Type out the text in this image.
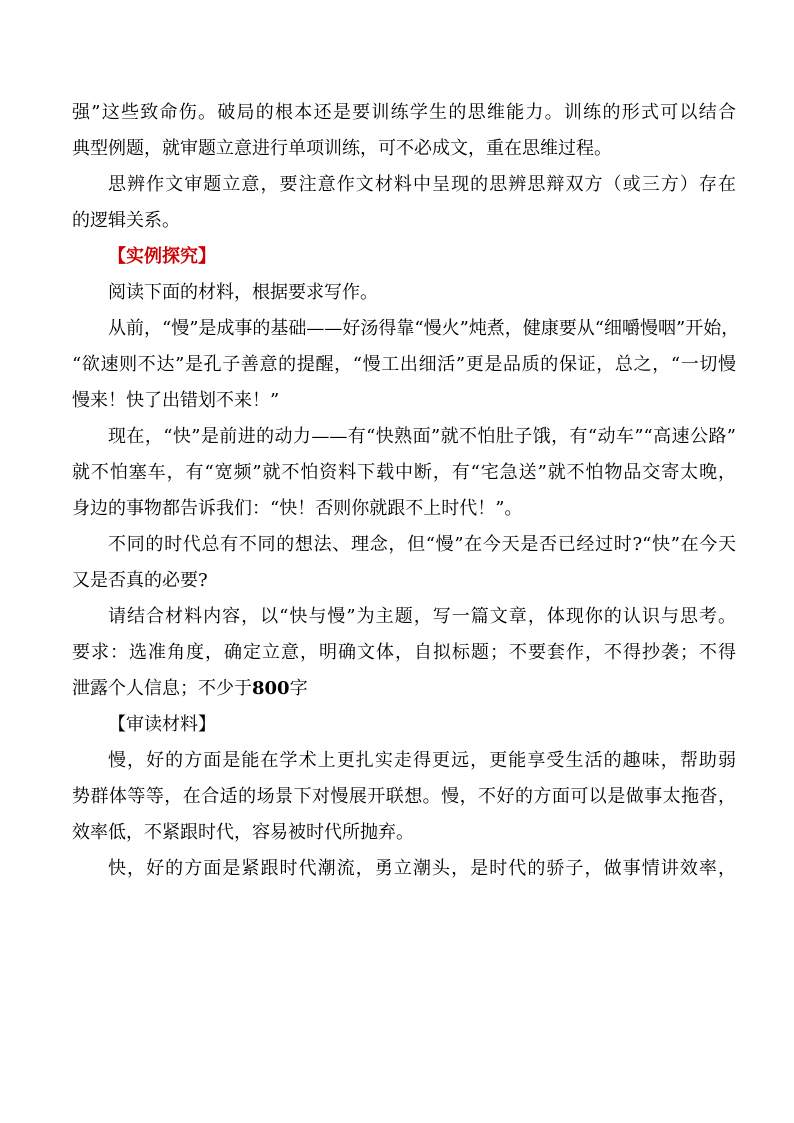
强”这些致命伤。破局的根本还是要训练学生的思维能力。训练的形式可以结合
典型例题，就审题立意进行单项训练，可不必成文，重在思维过程。
思辨作文审题立意，要注意作文材料中呈现的思辨思辩双方（或三方）存在
的逻辑关系。
【实例探究】
阅读下面的材料，根据要求写作。
从前，“慢”是成事的基础——好汤得靠“慢火”炖煮，健康要从“细嚼慢咽”开始，
“欲速则不达”是孔子善意的提醒，“慢工出细活”更是品质的保证，总之，“一切慢
慢来！快了出错划不来！”
现在，“快”是前进的动力——有“快熟面”就不怕肚子饿，有“动车”“高速公路”
就不怕塞车，有“宽频”就不怕资料下载中断，有“宅急送”就不怕物品交寄太晚，
身边的事物都告诉我们：“快！否则你就跟不上时代！”。
不同的时代总有不同的想法、理念，但“慢”在今天是否已经过时?“快”在今天
又是否真的必要?
请结合材料内容，以“快与慢”为主题，写一篇文章，体现你的认识与思考。
要求：选准角度，确定立意，明确文体，自拟标题；不要套作，不得抄袭；不得
泄露个人信息；不少于800字
【审读材料】
慢，好的方面是能在学术上更扎实走得更远，更能享受生活的趣味，帮助弱
势群体等等，在合适的场景下对慢展开联想。慢，不好的方面可以是做事太拖沓，
效率低，不紧跟时代，容易被时代所抛弃。
快，好的方面是紧跟时代潮流，勇立潮头，是时代的骄子，做事情讲效率，
